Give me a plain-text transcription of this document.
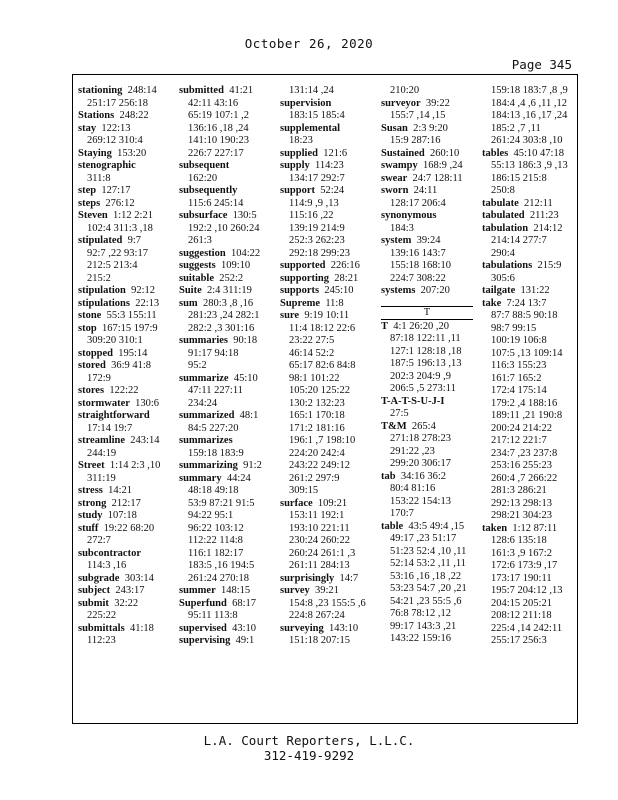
October 26, 2020
Page 345
stationing 248:14
251:17 256:18
Stations 248:22
stay 122:13
269:12 310:4
Staying 153:20
stenographic
311:8
step 127:17
steps 276:12
Steven 1:12 2:21
102:4 311:3 ,18
stipulated 9:7
92:7 ,22 93:17
212:5 213:4
215:2
stipulation 92:12
stipulations 22:13
stone 55:3 155:11
stop 167:15 197:9
309:20 310:1
stopped 195:14
stored 36:9 41:8
172:9
stores 122:22
stormwater 130:6
straightforward
17:14 19:7
streamline 243:14
244:19
Street 1:14 2:3 ,10
311:19
stress 14:21
strong 212:17
study 107:18
stuff 19:22 68:20
272:7
subcontractor
114:3 ,16
subgrade 303:14
subject 243:17
submit 32:22
225:22
submittals 41:18
112:23
submitted 41:21
42:11 43:16
65:19 107:1 ,2
136:16 ,18 ,24
141:10 190:23
226:7 227:17
subsequent
162:20
subsequently
115:6 245:14
subsurface 130:5
192:2 ,10 260:24
261:3
suggestion 104:22
suggests 109:10
suitable 252:2
Suite 2:4 311:19
sum 280:3 ,8 ,16
281:23 ,24 282:1
282:2 ,3 301:16
summaries 90:18
91:17 94:18
95:2
summarize 45:10
47:11 227:11
234:24
summarized 48:1
84:5 227:20
summarizes
159:18 183:9
summarizing 91:2
summary 44:24
48:18 49:18
53:9 87:21 91:5
94:22 95:1
96:22 103:12
112:22 114:8
116:1 182:17
183:5 ,16 194:5
261:24 270:18
summer 148:15
Superfund 68:17
95:11 113:8
supervised 43:10
supervising 49:1
131:14 ,24
supervision
183:15 185:4
supplemental
18:23
supplied 121:6
supply 114:23
134:17 292:7
support 52:24
114:9 ,9 ,13
115:16 ,22
139:19 214:9
252:3 262:23
292:18 299:23
supported 226:16
supporting 28:21
supports 245:10
Supreme 11:8
sure 9:19 10:11
11:4 18:12 22:6
23:22 27:5
46:14 52:2
65:17 82:6 84:8
98:1 101:22
105:20 125:22
130:2 132:23
165:1 170:18
171:2 181:16
196:1 ,7 198:10
224:20 242:4
243:22 249:12
261:2 297:9
309:15
surface 109:21
153:11 192:1
193:10 221:11
230:24 260:22
260:24 261:1 ,3
261:11 284:13
surprisingly 14:7
survey 39:21
154:8 ,23 155:5 ,6
224:8 267:24
surveying 143:10
151:18 207:15
210:20
surveyor 39:22
155:7 ,14 ,15
Susan 2:3 9:20
15:9 287:16
Sustained 260:10
swampy 168:9 ,24
swear 24:7 128:11
sworn 24:11
128:17 206:4
synonymous
184:3
system 39:24
139:16 143:7
155:18 168:10
224:7 308:22
systems 207:20
T
T 4:1 26:20 ,20
87:18 122:11 ,11
127:1 128:18 ,18
187:5 196:13 ,13
202:3 204:9 ,9
206:5 ,5 273:11
T-A-T-S-U-J-I
27:5
T&M 265:4
271:18 278:23
291:22 ,23
299:20 306:17
tab 34:16 36:2
80:4 81:16
153:22 154:13
170:7
table 43:5 49:4 ,15
49:17 ,23 51:17
51:23 52:4 ,10 ,11
52:14 53:2 ,11 ,11
53:16 ,16 ,18 ,22
53:23 54:7 ,20 ,21
54:21 ,23 55:5 ,6
76:8 78:12 ,12
99:17 143:3 ,21
143:22 159:16
159:18 183:7 ,8 ,9
184:4 ,4 ,6 ,11 ,12
184:13 ,16 ,17 ,24
185:2 ,7 ,11
261:24 303:8 ,10
tables 45:10 47:18
55:13 186:3 ,9 ,13
186:15 215:8
250:8
tabulate 212:11
tabulated 211:23
tabulation 214:12
214:14 277:7
290:4
tabulations 215:9
305:6
tailgate 131:22
take 7:24 13:7
87:7 88:5 90:18
98:7 99:15
100:19 106:8
107:5 ,13 109:14
116:3 155:23
161:7 165:2
172:4 175:14
179:2 ,4 188:16
189:11 ,21 190:8
200:24 214:22
217:12 221:7
234:7 ,23 237:8
253:16 255:23
260:4 ,7 266:22
281:3 286:21
292:13 298:13
298:21 304:23
taken 1:12 87:11
128:6 135:18
161:3 ,9 167:2
172:6 173:9 ,17
173:17 190:11
195:7 204:12 ,13
204:15 205:21
208:12 211:18
225:4 ,14 242:11
255:17 256:3
L.A. Court Reporters, L.L.C.
312-419-9292
